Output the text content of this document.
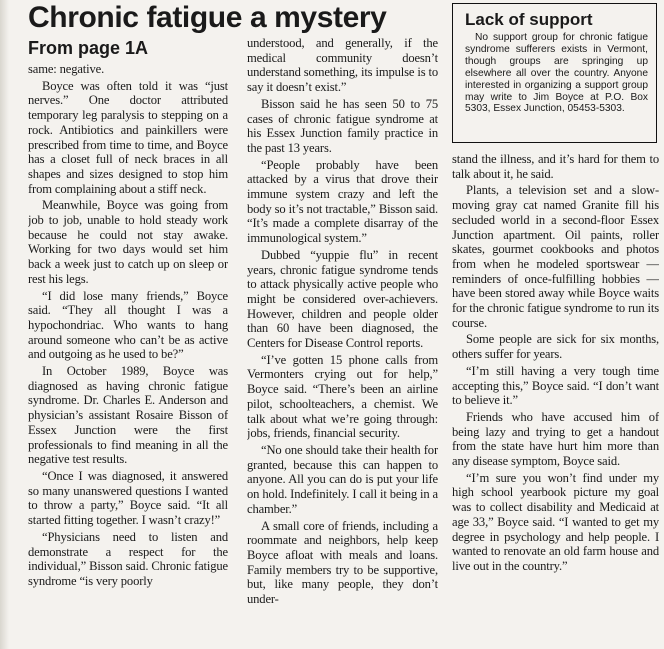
Chronic fatigue a mystery
From page 1A

same: negative.

Boyce was often told it was “just nerves.” One doctor attributed temporary leg paralysis to stepping on a rock. Antibiotics and painkillers were prescribed from time to time, and Boyce has a closet full of neck braces in all shapes and sizes designed to stop him from complaining about a stiff neck.

Meanwhile, Boyce was going from job to job, unable to hold steady work because he could not stay awake. Working for two days would set him back a week just to catch up on sleep or rest his legs.

“I did lose many friends,” Boyce said. “They all thought I was a hypochondriac. Who wants to hang around someone who can’t be as active and outgoing as he used to be?”

In October 1989, Boyce was diagnosed as having chronic fatigue syndrome. Dr. Charles E. Anderson and physician’s assistant Rosaire Bisson of Essex Junction were the first professionals to find meaning in all the negative test results.

“Once I was diagnosed, it answered so many unanswered questions I wanted to throw a party,” Boyce said. “It all started fitting together. I wasn’t crazy!”

“Physicians need to listen and demonstrate a respect for the individual,” Bisson said. Chronic fatigue syndrome “is very poorly

understood, and generally, if the medical community doesn’t understand something, its impulse is to say it doesn’t exist.”

Bisson said he has seen 50 to 75 cases of chronic fatigue syndrome at his Essex Junction family practice in the past 13 years.

“People probably have been attacked by a virus that drove their immune system crazy and left the body so it’s not tractable,” Bisson said. “It’s made a complete disarray of the immunological system.”

Dubbed “yuppie flu” in recent years, chronic fatigue syndrome tends to attack physically active people who might be considered over-achievers. However, children and people older than 60 have been diagnosed, the Centers for Disease Control reports.

“I’ve gotten 15 phone calls from Vermonters crying out for help,” Boyce said. “There’s been an airline pilot, schoolteachers, a chemist. We talk about what we’re going through: jobs, friends, financial security.

“No one should take their health for granted, because this can happen to anyone. All you can do is put your life on hold. Indefinitely. I call it being in a chamber.”

A small core of friends, including a roommate and neighbors, help keep Boyce afloat with meals and loans. Family members try to be supportive, but, like many people, they don’t under-

Lack of support

No support group for chronic fatigue syndrome sufferers exists in Vermont, though groups are springing up elsewhere all over the country. Anyone interested in organizing a support group may write to Jim Boyce at P.O. Box 5303, Essex Junction, 05453-5303.

stand the illness, and it’s hard for them to talk about it, he said.

Plants, a television set and a slow-moving gray cat named Granite fill his secluded world in a second-floor Essex Junction apartment. Oil paints, roller skates, gourmet cookbooks and photos from when he modeled sportswear — reminders of once-fulfilling hobbies — have been stored away while Boyce waits for the chronic fatigue syndrome to run its course.

Some people are sick for six months, others suffer for years.

“I’m still having a very tough time accepting this,” Boyce said. “I don’t want to believe it.”

Friends who have accused him of being lazy and trying to get a handout from the state have hurt him more than any disease symptom, Boyce said.

“I’m sure you won’t find under my high school yearbook picture my goal was to collect disability and Medicaid at age 33,” Boyce said. “I wanted to get my degree in psychology and help people. I wanted to renovate an old farm house and live out in the country.”
